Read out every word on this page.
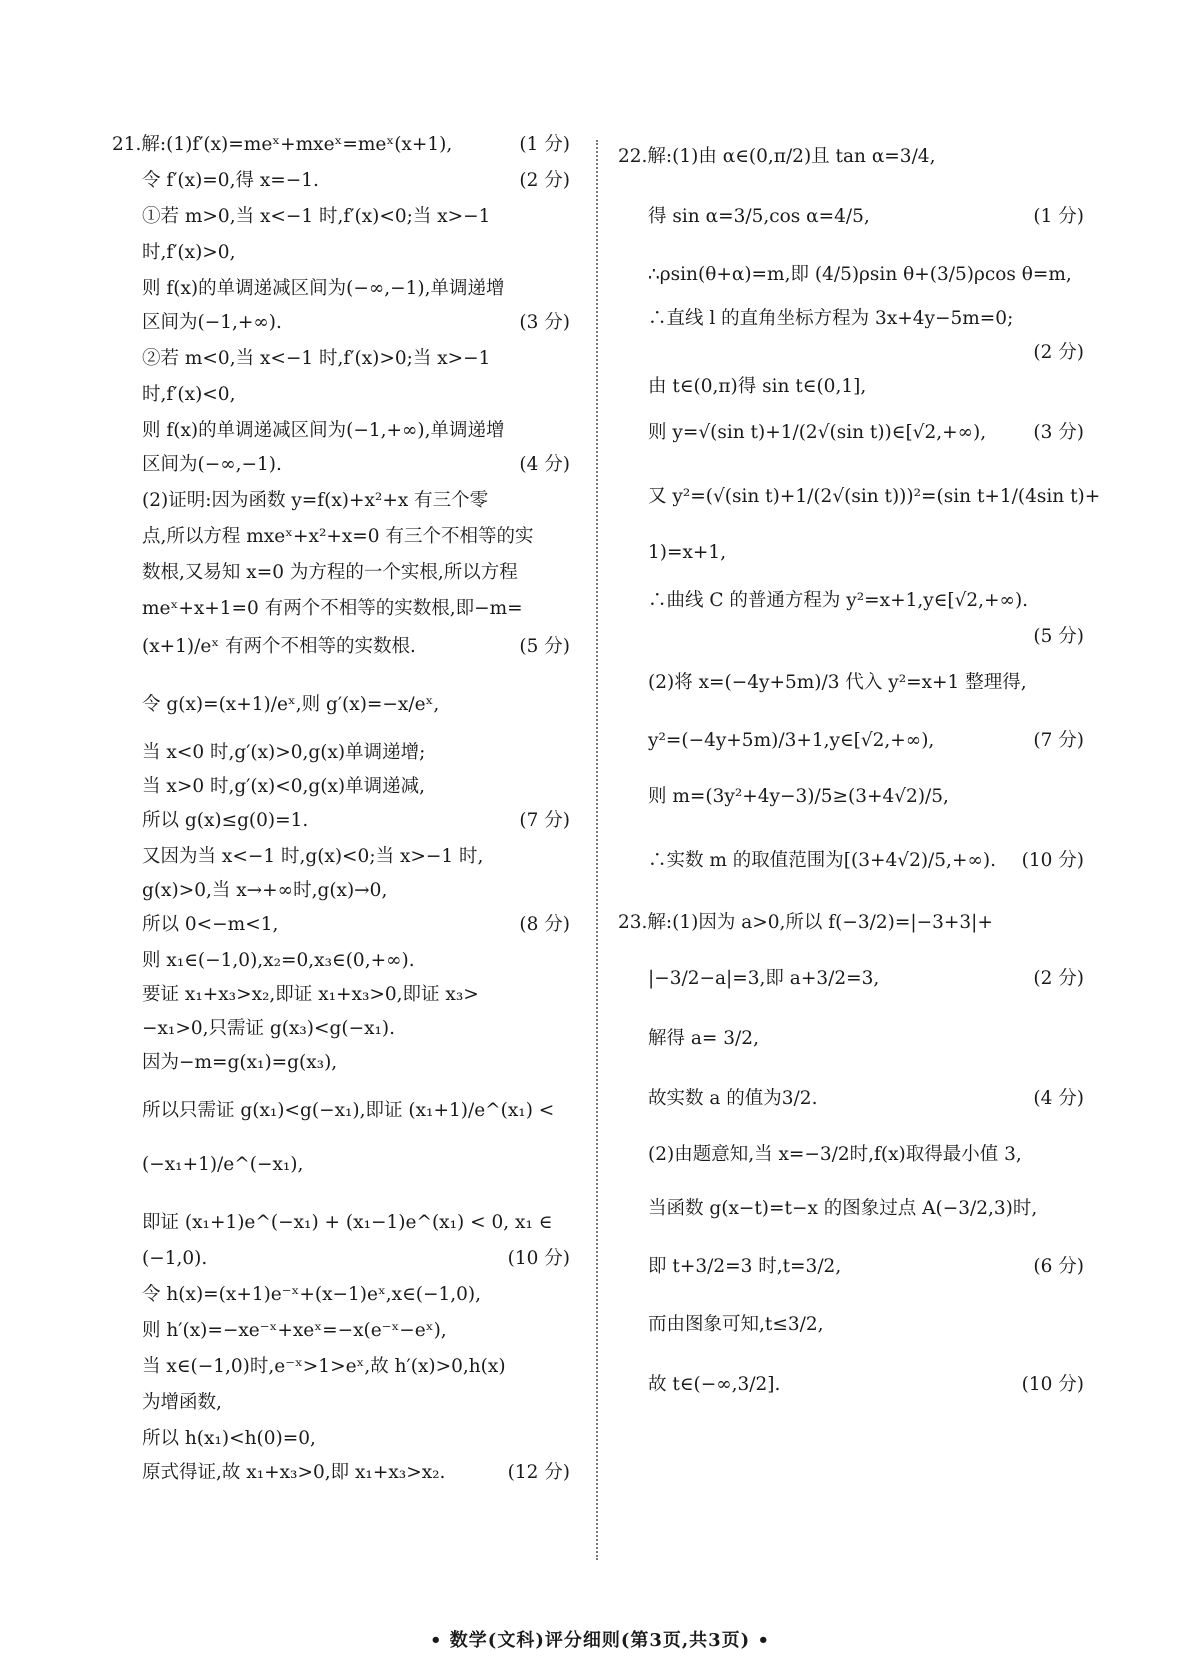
21.解:(1)f′(x)=meˣ+mxeˣ=meˣ(x+1),	(1 分)
令 f′(x)=0,得 x=−1.	(2 分)
①若 m>0,当 x<−1 时,f′(x)<0;当 x>−1
时,f′(x)>0,
则 f(x)的单调递减区间为(−∞,−1),单调递增
区间为(−1,+∞).	(3 分)
②若 m<0,当 x<−1 时,f′(x)>0;当 x>−1
时,f′(x)<0,
则 f(x)的单调递减区间为(−1,+∞),单调递增
区间为(−∞,−1).	(4 分)
(2)证明:因为函数 y=f(x)+x²+x 有三个零
点,所以方程 mxeˣ+x²+x=0 有三个不相等的实
数根,又易知 x=0 为方程的一个实根,所以方程
meˣ+x+1=0 有两个不相等的实数根,即−m=
(x+1)/eˣ 有两个不相等的实数根.	(5 分)
令 g(x)=(x+1)/eˣ,则 g′(x)=−x/eˣ,
当 x<0 时,g′(x)>0,g(x)单调递增;
当 x>0 时,g′(x)<0,g(x)单调递减,
所以 g(x)≤g(0)=1.	(7 分)
又因为当 x<−1 时,g(x)<0;当 x>−1 时,
g(x)>0,当 x→+∞时,g(x)→0,
所以 0<−m<1,	(8 分)
则 x₁∈(−1,0),x₂=0,x₃∈(0,+∞).
要证 x₁+x₃>x₂,即证 x₁+x₃>0,即证 x₃>
−x₁>0,只需证 g(x₃)<g(−x₁).
因为−m=g(x₁)=g(x₃),
所以只需证 g(x₁)<g(−x₁),即证 (x₁+1)/e^(x₁) <
(−x₁+1)/e^(−x₁),
即证 (x₁+1)e^(−x₁) + (x₁−1)e^(x₁) < 0, x₁ ∈
(−1,0).	(10 分)
令 h(x)=(x+1)e⁻ˣ+(x−1)eˣ,x∈(−1,0),
则 h′(x)=−xe⁻ˣ+xeˣ=−x(e⁻ˣ−eˣ),
当 x∈(−1,0)时,e⁻ˣ>1>eˣ,故 h′(x)>0,h(x)
为增函数,
所以 h(x₁)<h(0)=0,
原式得证,故 x₁+x₃>0,即 x₁+x₃>x₂.	(12 分)
22.解:(1)由 α∈(0,π/2)且 tan α=3/4,
得 sin α=3/5,cos α=4/5,	(1 分)
∴ρsin(θ+α)=m,即 (4/5)ρsin θ+(3/5)ρcos θ=m,
∴直线 l 的直角坐标方程为 3x+4y−5m=0;
(2 分)
由 t∈(0,π)得 sin t∈(0,1],
则 y=√(sin t)+1/(2√(sin t))∈[√2,+∞),	(3 分)
又 y²=(√(sin t)+1/(2√(sin t)))²=(sin t+1/(4sin t)+
1)=x+1,
∴曲线 C 的普通方程为 y²=x+1,y∈[√2,+∞).
(5 分)
(2)将 x=(−4y+5m)/3 代入 y²=x+1 整理得,
y²=(−4y+5m)/3+1,y∈[√2,+∞),	(7 分)
则 m=(3y²+4y−3)/5≥(3+4√2)/5,
∴实数 m 的取值范围为[(3+4√2)/5,+∞). (10 分)
23.解:(1)因为 a>0,所以 f(−3/2)=|−3+3|+
|−3/2−a|=3,即 a+3/2=3,	(2 分)
解得 a= 3/2,
故实数 a 的值为3/2.	(4 分)
(2)由题意知,当 x=−3/2时,f(x)取得最小值 3,
当函数 g(x−t)=t−x 的图象过点 A(−3/2,3)时,
即 t+3/2=3 时,t=3/2,	(6 分)
而由图象可知,t≤3/2,
故 t∈(−∞,3/2].	(10 分)
• 数学(文科)评分细则(第3页,共3页) •
